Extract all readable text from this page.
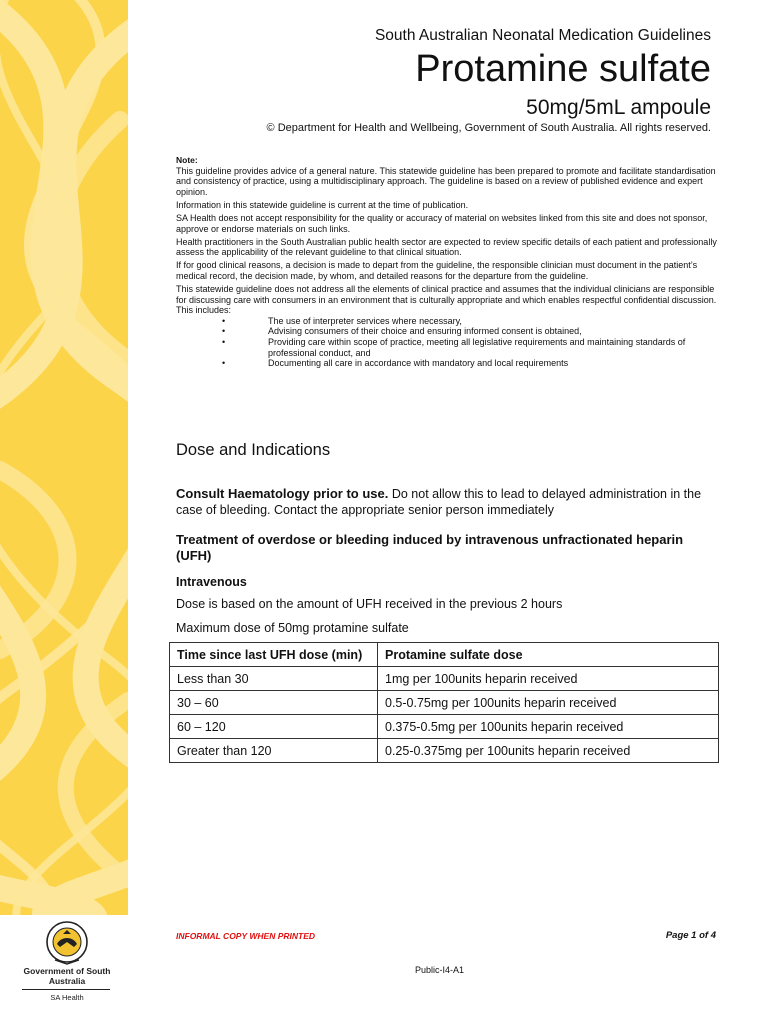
Government of South Australia
SA Health
South Australian Neonatal Medication Guidelines
Protamine sulfate
50mg/5mL ampoule
© Department for Health and Wellbeing, Government of South Australia. All rights reserved.
Note:

This guideline provides advice of a general nature. This statewide guideline has been prepared to promote and facilitate standardisation and consistency of practice, using a multidisciplinary approach. The guideline is based on a review of published evidence and expert opinion.

Information in this statewide guideline is current at the time of publication.

SA Health does not accept responsibility for the quality or accuracy of material on websites linked from this site and does not sponsor, approve or endorse materials on such links.

Health practitioners in the South Australian public health sector are expected to review specific details of each patient and professionally assess the applicability of the relevant guideline to that clinical situation.

If for good clinical reasons, a decision is made to depart from the guideline, the responsible clinician must document in the patient’s medical record, the decision made, by whom, and detailed reasons for the departure from the guideline.

This statewide guideline does not address all the elements of clinical practice and assumes that the individual clinicians are responsible for discussing care with consumers in an environment that is culturally appropriate and which enables respectful confidential discussion. This includes:

•	The use of interpreter services where necessary,
•	Advising consumers of their choice and ensuring informed consent is obtained,
•	Providing care within scope of practice, meeting all legislative requirements and maintaining standards of professional conduct, and
•	Documenting all care in accordance with mandatory and local requirements
Dose and Indications
Consult Haematology prior to use. Do not allow this to lead to delayed administration in the case of bleeding. Contact the appropriate senior person immediately
Treatment of overdose or bleeding induced by intravenous unfractionated heparin (UFH)
Intravenous
Dose is based on the amount of UFH received in the previous 2 hours
Maximum dose of 50mg protamine sulfate
Time since last UFH dose (min)	Protamine sulfate dose
Less than 30	1mg per 100units heparin received
30 – 60	0.5-0.75mg per 100units heparin received
60 – 120	0.375-0.5mg per 100units heparin received
Greater than 120	0.25-0.375mg per 100units heparin received
INFORMAL COPY WHEN PRINTED	Page 1 of 4
Public-I4-A1
